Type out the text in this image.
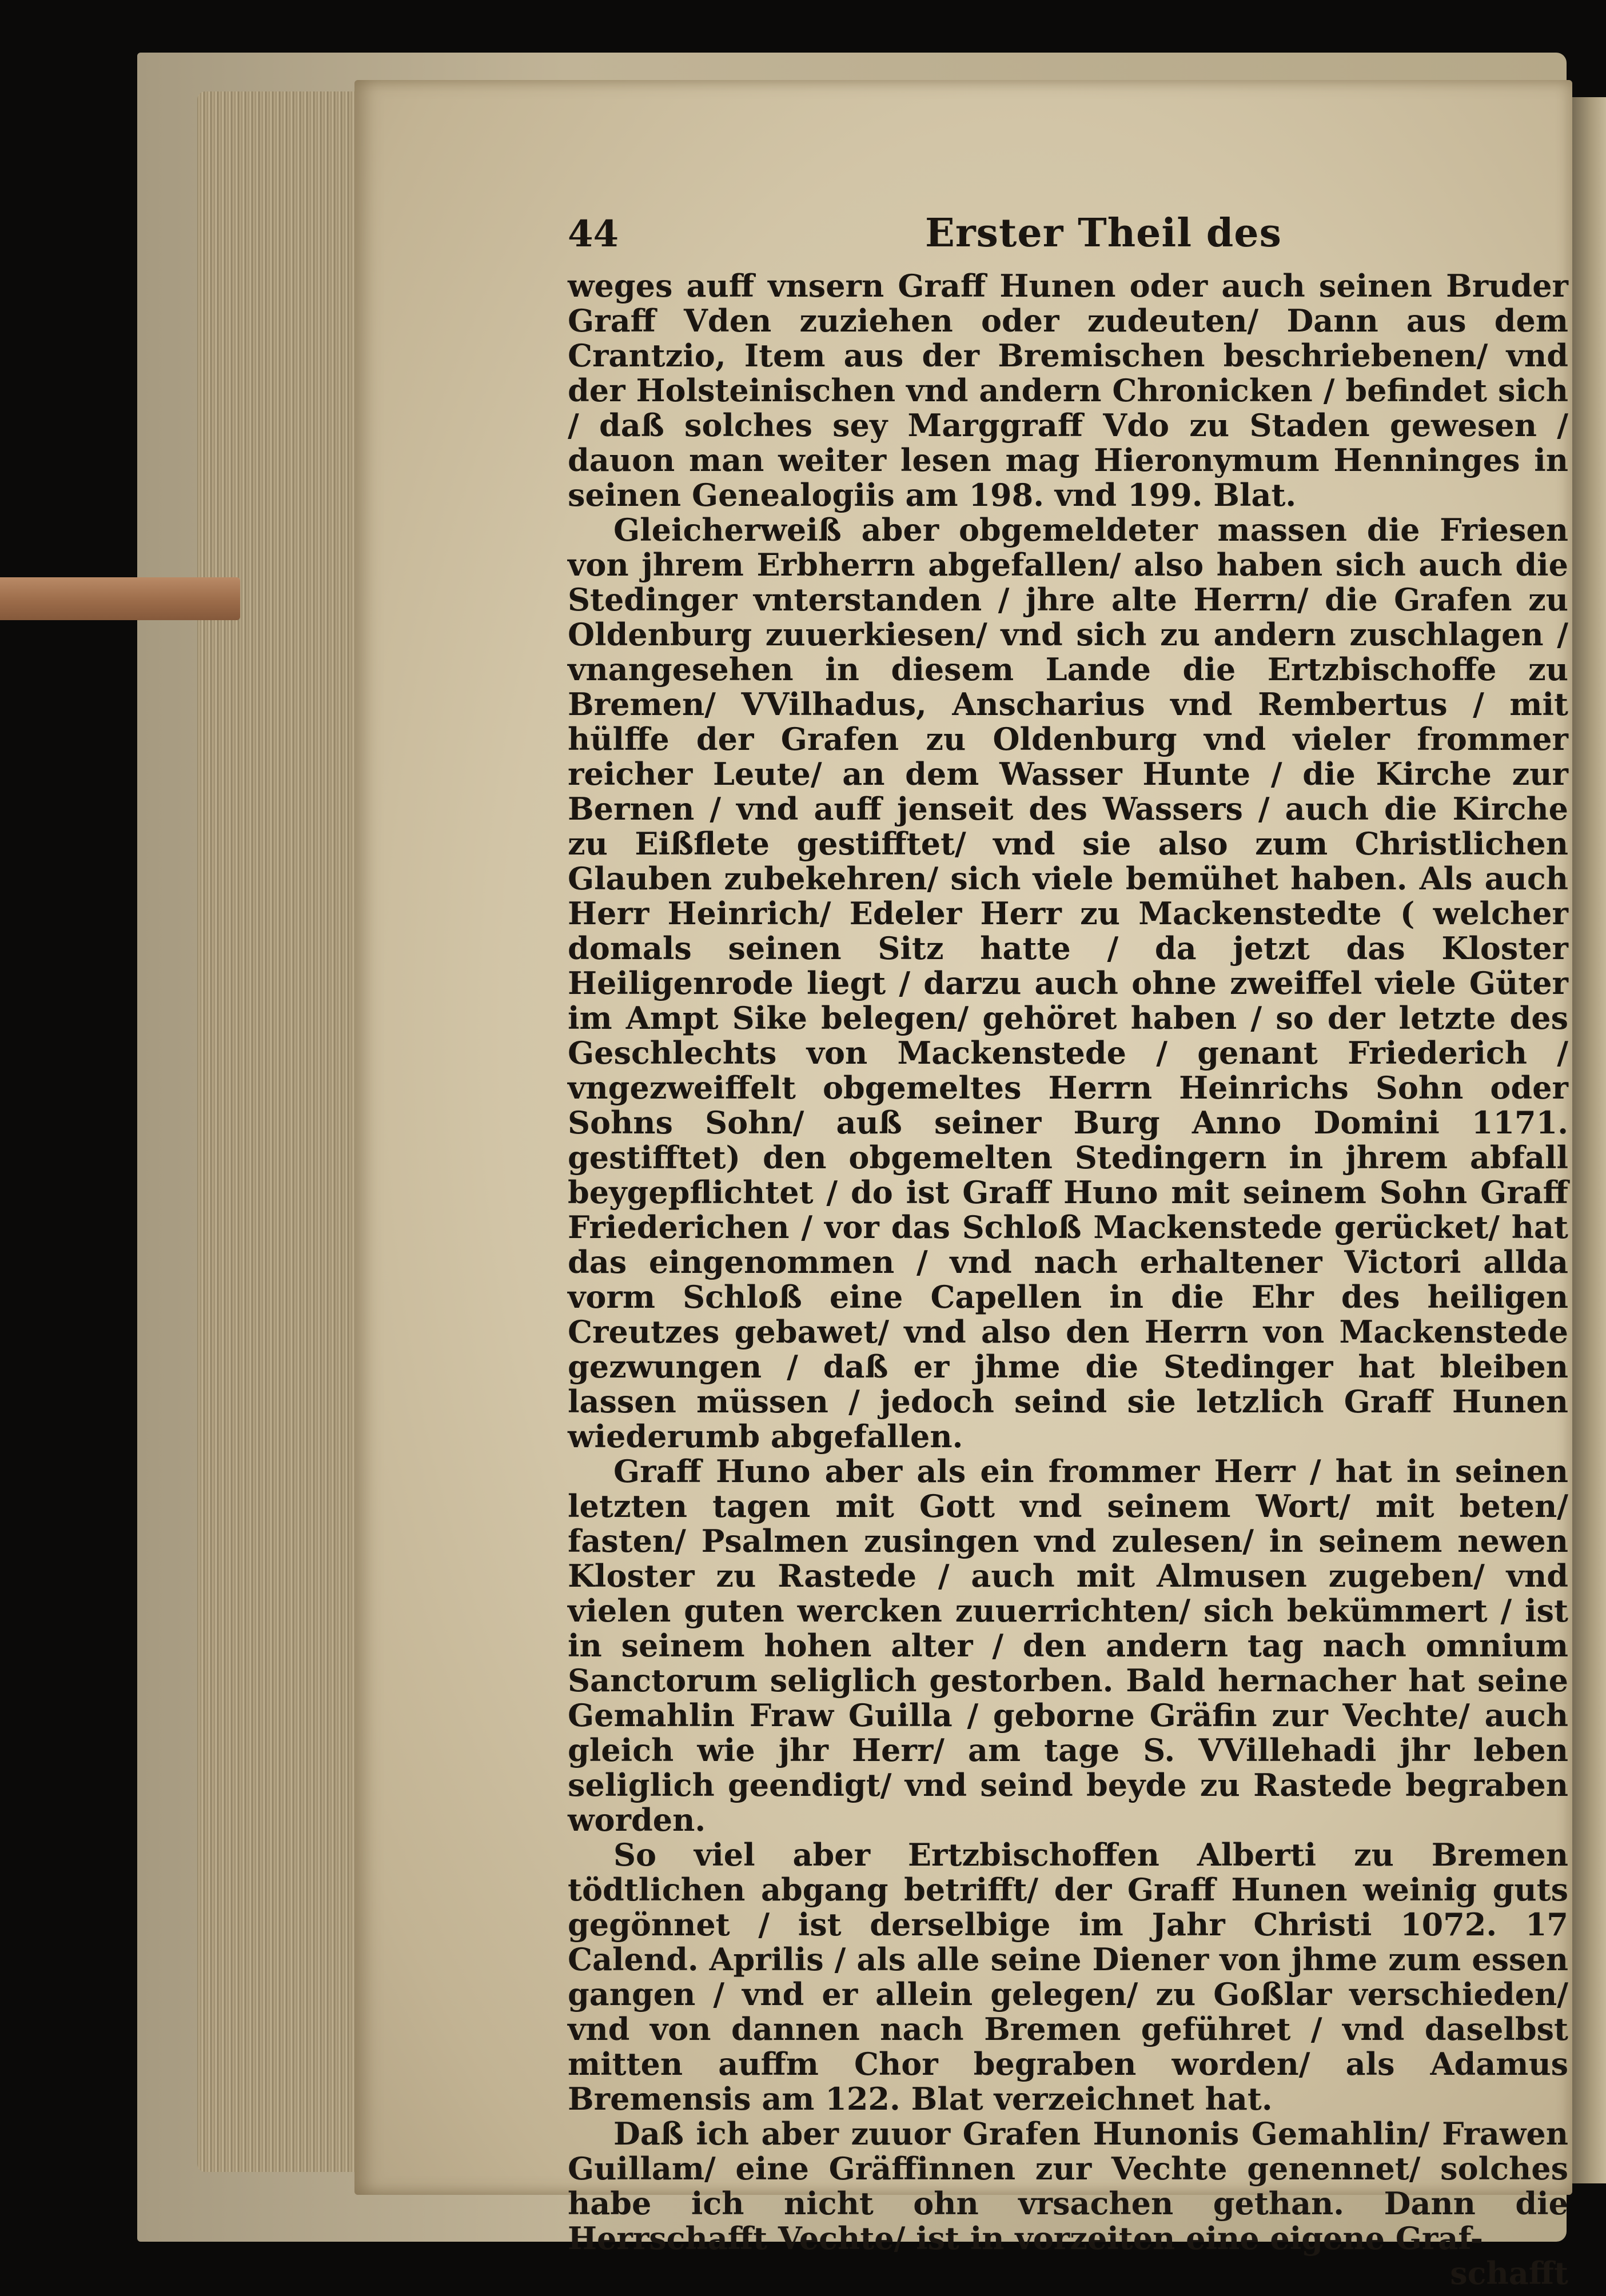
44	Erster Theil des

weges auff vnsern Graff Hunen oder auch seinen Bruder Graff Vden zuziehen oder zudeuten/ Dann aus dem Crantzio, Item aus der Bremischen beschriebenen/ vnd der Holsteinischen vnd andern Chronicken / befindet sich / daß solches sey Marggraff Vdo zu Staden gewesen / dauon man weiter lesen mag Hieronymum Henninges in seinen Genealogiis am 198. vnd 199. Blat.

Gleicherweiß aber obgemeldeter massen die Friesen von jhrem Erbherrn abgefallen/ also haben sich auch die Stedinger vnterstanden / jhre alte Herrn/ die Grafen zu Oldenburg zuuerkiesen/ vnd sich zu andern zuschlagen / vnangesehen in diesem Lande die Ertzbischoffe zu Bremen/ VVilhadus, Anscharius vnd Rembertus / mit hülffe der Grafen zu Oldenburg vnd vieler frommer reicher Leute/ an dem Wasser Hunte / die Kirche zur Bernen / vnd auff jenseit des Wassers / auch die Kirche zu Eißflete gestifftet/ vnd sie also zum Christlichen Glauben zubekehren/ sich viele bemühet haben. Als auch Herr Heinrich/ Edeler Herr zu Mackenstedte ( welcher domals seinen Sitz hatte / da jetzt das Kloster Heiligenrode liegt / darzu auch ohne zweiffel viele Güter im Ampt Sike belegen/ gehöret haben / so der letzte des Geschlechts von Mackenstede / genant Friederich / vngezweiffelt obgemeltes Herrn Heinrichs Sohn oder Sohns Sohn/ auß seiner Burg Anno Domini 1171. gestifftet) den obgemelten Stedingern in jhrem abfall beygepflichtet / do ist Graff Huno mit seinem Sohn Graff Friederichen / vor das Schloß Mackenstede gerücket/ hat das eingenommen / vnd nach erhaltener Victori allda vorm Schloß eine Capellen in die Ehr des heiligen Creutzes gebawet/ vnd also den Herrn von Mackenstede gezwungen / daß er jhme die Stedinger hat bleiben lassen müssen / jedoch seind sie letzlich Graff Hunen wiederumb abgefallen.

Graff Huno aber als ein frommer Herr / hat in seinen letzten tagen mit Gott vnd seinem Wort/ mit beten/ fasten/ Psalmen zusingen vnd zulesen/ in seinem newen Kloster zu Rastede / auch mit Almusen zugeben/ vnd vielen guten wercken zuuerrichten/ sich bekümmert / ist in seinem hohen alter / den andern tag nach omnium Sanctorum seliglich gestorben. Bald hernacher hat seine Gemahlin Fraw Guilla / geborne Gräfin zur Vechte/ auch gleich wie jhr Herr/ am tage S. VVillehadi jhr leben seliglich geendigt/ vnd seind beyde zu Rastede begraben worden.

So viel aber Ertzbischoffen Alberti zu Bremen tödtlichen abgang betrifft/ der Graff Hunen weinig guts gegönnet / ist derselbige im Jahr Christi 1072. 17 Calend. Aprilis / als alle seine Diener von jhme zum essen gangen / vnd er allein gelegen/ zu Goßlar verschieden/ vnd von dannen nach Bremen geführet / vnd daselbst mitten auffm Chor begraben worden/ als Adamus Bremensis am 122. Blat verzeichnet hat.

Daß ich aber zuuor Grafen Hunonis Gemahlin/ Frawen Guillam/ eine Gräffinnen zur Vechte genennet/ solches habe ich nicht ohn vrsachen gethan. Dann die Herrschafft Vechte/ ist in vorzeiten eine eigene Graf-

schafft
